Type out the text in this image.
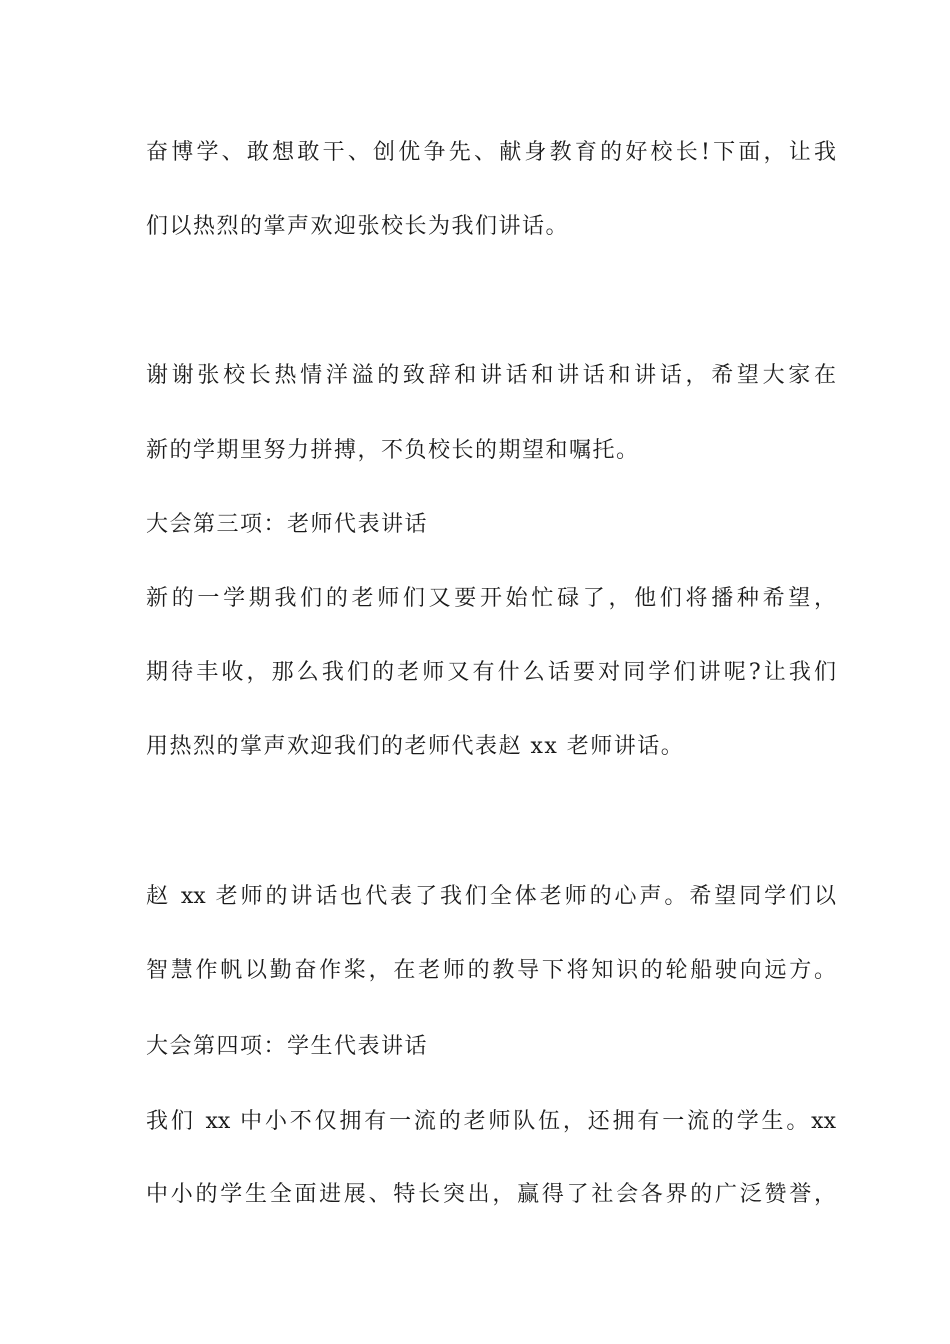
奋博学、敢想敢干、创优争先、献身教育的好校长!下面，让我
们以热烈的掌声欢迎张校长为我们讲话。
谢谢张校长热情洋溢的致辞和讲话和讲话和讲话，希望大家在
新的学期里努力拼搏，不负校长的期望和嘱托。
大会第三项：老师代表讲话
新的一学期我们的老师们又要开始忙碌了，他们将播种希望，
期待丰收，那么我们的老师又有什么话要对同学们讲呢?让我们
用热烈的掌声欢迎我们的老师代表赵 xx 老师讲话。
赵 xx 老师的讲话也代表了我们全体老师的心声。希望同学们以
智慧作帆以勤奋作桨，在老师的教导下将知识的轮船驶向远方。
大会第四项：学生代表讲话
我们 xx 中小不仅拥有一流的老师队伍，还拥有一流的学生。xx
中小的学生全面进展、特长突出，赢得了社会各界的广泛赞誉，
